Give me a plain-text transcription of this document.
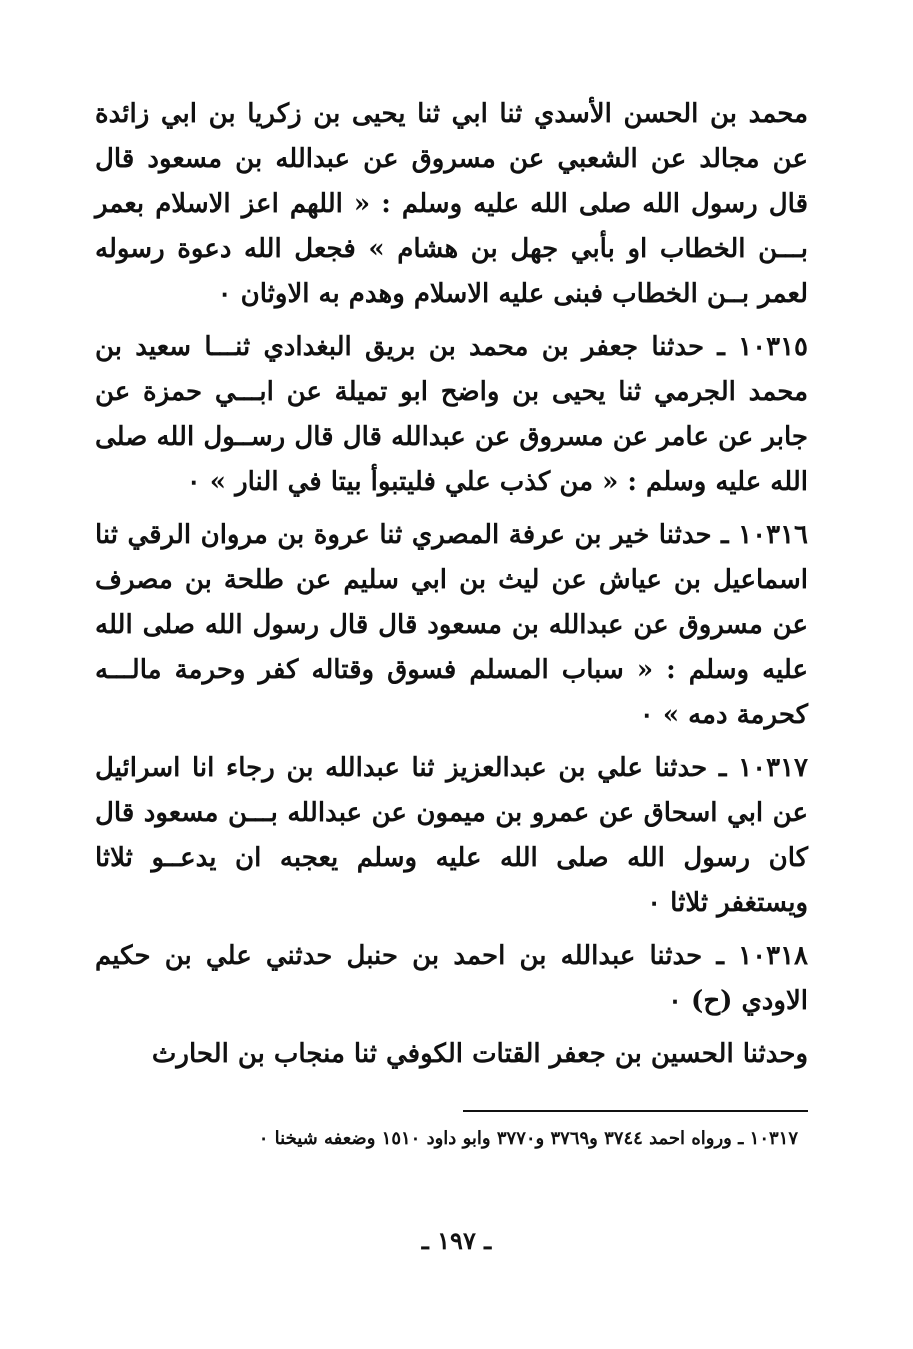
محمد بن الحسن الأسدي ثنا ابي ثنا يحيى بن زكريا بن ابي زائدة عن مجالد عن الشعبي عن مسروق عن عبدالله بن مسعود قال قال رسول الله صلى الله عليه وسلم : « اللهم اعز الاسلام بعمر بـــن الخطاب او بأبي جهل بن هشام » فجعل الله دعوة رسوله لعمر بــن الخطاب فبنى عليه الاسلام وهدم به الاوثان ٠

١٠٣١٥ ـ حدثنا جعفر بن محمد بن بريق البغدادي ثنـــا سعيد بن محمد الجرمي ثنا يحيى بن واضح ابو تميلة عن ابـــي حمزة عن جابر عن عامر عن مسروق عن عبدالله قال قال رســول الله صلى الله عليه وسلم : « من كذب علي فليتبوأ بيتا في النار » ٠

١٠٣١٦ ـ حدثنا خير بن عرفة المصري ثنا عروة بن مروان الرقي ثنا اسماعيل بن عياش عن ليث بن ابي سليم عن طلحة بن مصرف عن مسروق عن عبدالله بن مسعود قال قال رسول الله صلى الله عليه وسلم : « سباب المسلم فسوق وقتاله كفر وحرمة مالـــه كحرمة دمه » ٠

١٠٣١٧ ـ حدثنا علي بن عبدالعزيز ثنا عبدالله بن رجاء انا اسرائيل عن ابي اسحاق عن عمرو بن ميمون عن عبدالله بـــن مسعود قال كان رسول الله صلى الله عليه وسلم يعجبه ان يدعــو ثلاثا ويستغفر ثلاثا ٠

١٠٣١٨ ـ حدثنا عبدالله بن احمد بن حنبل حدثني علي بن حكيم الاودي (ح) ٠

وحدثنا الحسين بن جعفر القتات الكوفي ثنا منجاب بن الحارث

١٠٣١٧ ـ ورواه احمد ٣٧٤٤ و٣٧٦٩ و٣٧٧٠ وابو داود ١٥١٠ وضعفه شيخنا ٠

ـ ١٩٧ ـ
